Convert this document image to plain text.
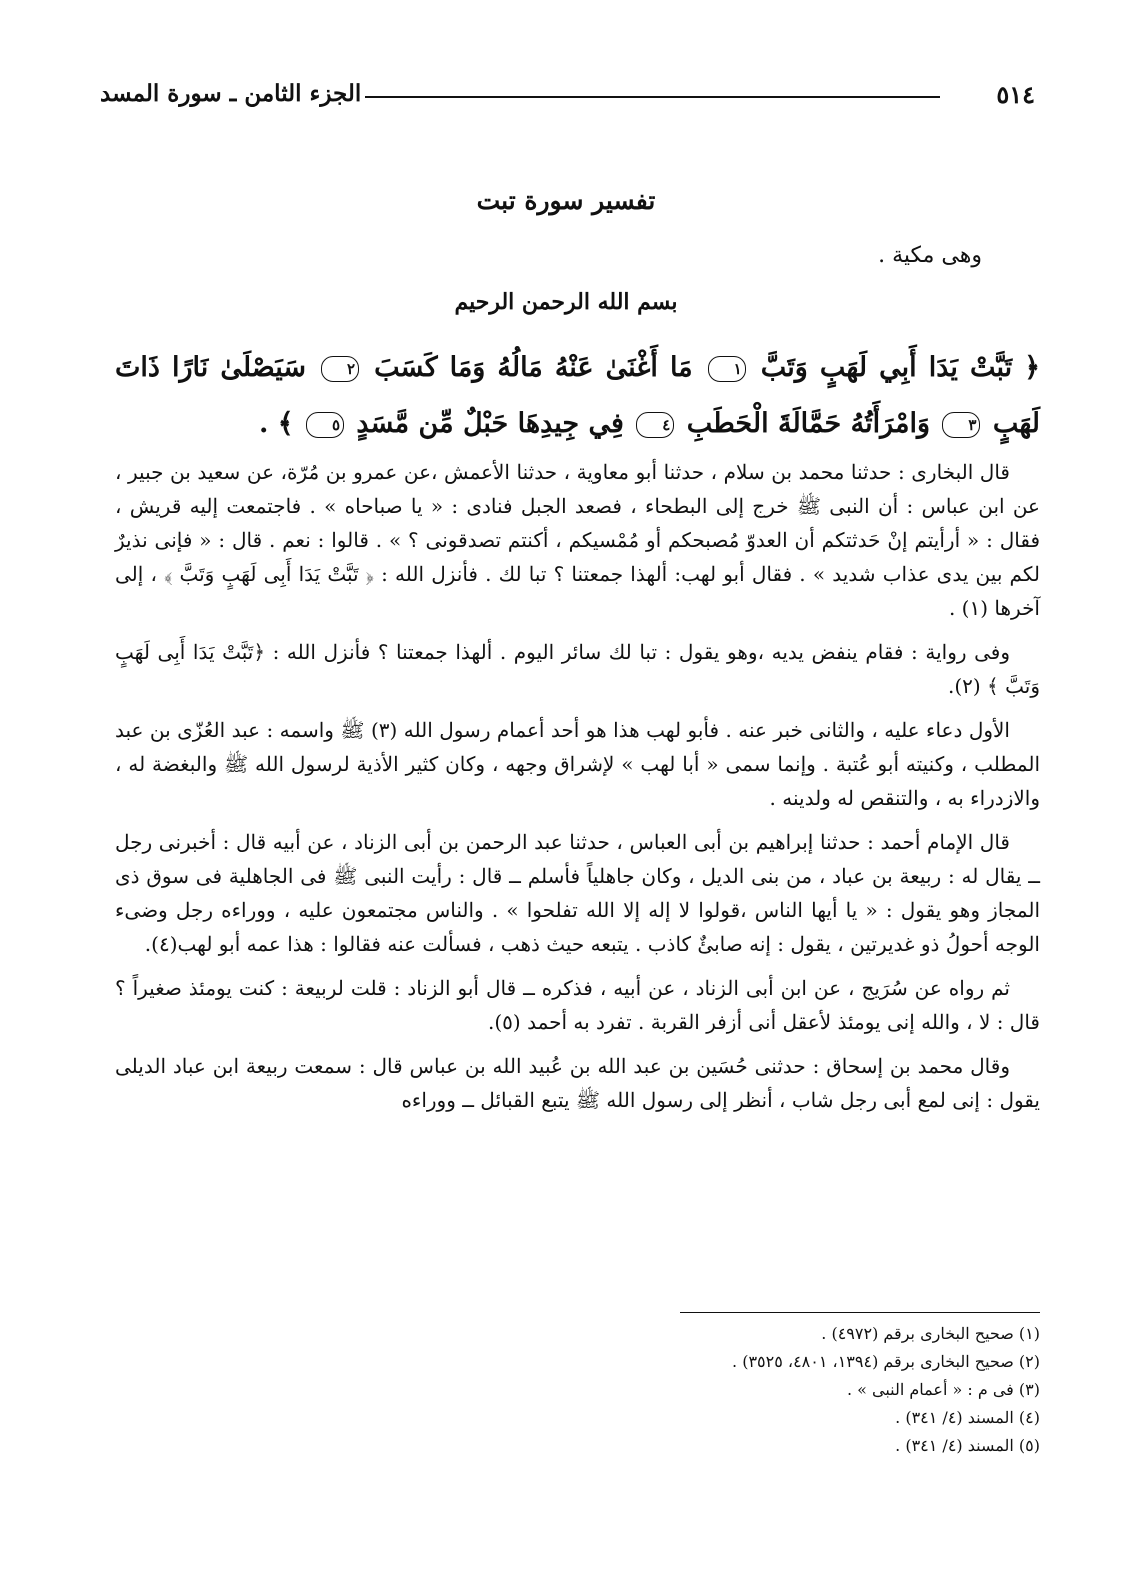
٥١٤
الجزء الثامن ـ سورة المسد
تفسير سورة تبت
وهى مكية .
بسم الله الرحمن الرحيم
﴿ تَبَّتْ يَدَا أَبِي لَهَبٍ وَتَبَّ ١ مَا أَغْنَىٰ عَنْهُ مَالُهُ وَمَا كَسَبَ ٢ سَيَصْلَىٰ نَارًا ذَاتَ لَهَبٍ ٣ وَامْرَأَتُهُ حَمَّالَةَ الْحَطَبِ ٤ فِي جِيدِهَا حَبْلٌ مِّن مَّسَدٍ ٥ ﴾ .

قال البخارى : حدثنا محمد بن سلام ، حدثنا أبو معاوية ، حدثنا الأعمش ،عن عمرو بن مُرّة، عن سعيد بن جبير ، عن ابن عباس : أن النبى ﷺ خرج إلى البطحاء ، فصعد الجبل فنادى : « يا صباحاه » . فاجتمعت إليه قريش ، فقال : « أرأيتم إنْ حَدثتكم أن العدوّ مُصبحكم أو مُمْسيكم ، أكنتم تصدقونى ؟ » . قالوا : نعم . قال : « فإنى نذيرٌ لكم بين يدى عذاب شديد » . فقال أبو لهب: ألهذا جمعتنا ؟ تبا لك . فأنزل الله : ﴿ تَبَّتْ يَدَا أَبِى لَهَبٍ وَتَبَّ ﴾ ، إلى آخرها (١) .

وفى رواية : فقام ينفض يديه ،وهو يقول : تبا لك سائر اليوم . ألهذا جمعتنا ؟ فأنزل الله : ﴿تَبَّتْ يَدَا أَبِى لَهَبٍ وَتَبَّ ﴾ (٢).

الأول دعاء عليه ، والثانى خبر عنه . فأبو لهب هذا هو أحد أعمام رسول الله (٣) ﷺ واسمه : عبد العُزّى بن عبد المطلب ، وكنيته أبو عُتبة . وإنما سمى « أبا لهب » لإشراق وجهه ، وكان كثير الأذية لرسول الله ﷺ والبغضة له ، والازدراء به ، والتنقص له ولدينه .

قال الإمام أحمد : حدثنا إبراهيم بن أبى العباس ، حدثنا عبد الرحمن بن أبى الزناد ، عن أبيه قال : أخبرنى رجل ــ يقال له : ربيعة بن عباد ، من بنى الديل ، وكان جاهلياً فأسلم ــ قال : رأيت النبى ﷺ فى الجاهلية فى سوق ذى المجاز وهو يقول : « يا أيها الناس ،قولوا لا إله إلا الله تفلحوا » . والناس مجتمعون عليه ، ووراءه رجل وضىء الوجه أحولُ ذو غديرتين ، يقول : إنه صابئٌ كاذب . يتبعه حيث ذهب ، فسألت عنه فقالوا : هذا عمه أبو لهب(٤).

ثم رواه عن سُرَيج ، عن ابن أبى الزناد ، عن أبيه ، فذكره ــ قال أبو الزناد : قلت لربيعة : كنت يومئذ صغيراً ؟ قال : لا ، والله إنى يومئذ لأعقل أنى أزفر القربة . تفرد به أحمد (٥).

وقال محمد بن إسحاق : حدثنى حُسَين بن عبد الله بن عُبيد الله بن عباس قال : سمعت ربيعة ابن عباد الديلى يقول : إنى لمع أبى رجل شاب ، أنظر إلى رسول الله ﷺ يتبع القبائل ــ ووراءه

(١) صحيح البخارى برقم (٤٩٧٢) .

(٢) صحيح البخارى برقم (١٣٩٤، ٤٨٠١، ٣٥٢٥) .

(٣) فى م : « أعمام النبى » .

(٤) المسند (٤/ ٣٤١) .

(٥) المسند (٤/ ٣٤١) .
